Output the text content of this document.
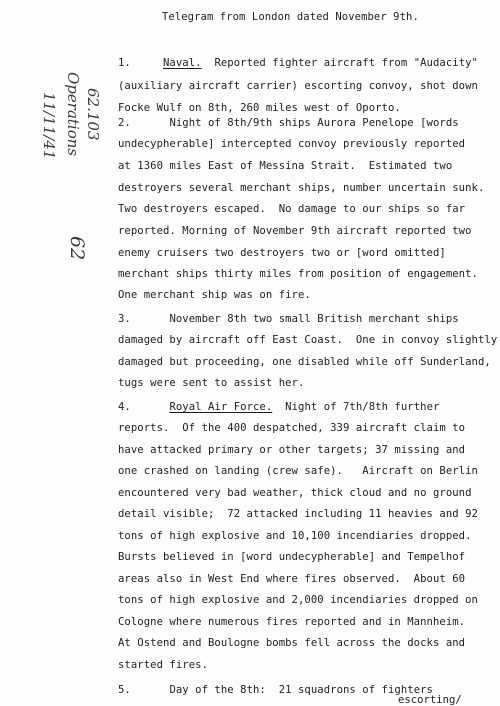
Telegram from London dated November 9th.
62.103
Operations
11/11/41
62
1.	Naval. Reported fighter aircraft from "Audacity"
(auxiliary aircraft carrier) escorting convoy, shot down
Focke Wulf on 8th, 260 miles west of Oporto.
2.	Night of 8th/9th ships Aurora Penelope [words
undecypherable] intercepted convoy previously reported
at 1360 miles East of Messina Strait.  Estimated two
destroyers several merchant ships, number uncertain sunk.
Two destroyers escaped.  No damage to our ships so far
reported. Morning of November 9th aircraft reported two
enemy cruisers two destroyers two or [word omitted]
merchant ships thirty miles from position of engagement.
One merchant ship was on fire.
3.	November 8th two small British merchant ships
damaged by aircraft off East Coast.  One in convoy slightly
damaged but proceeding, one disabled while off Sunderland,
tugs were sent to assist her.
4.	Royal Air Force. Night of 7th/8th further
reports.  Of the 400 despatched, 339 aircraft claim to
have attacked primary or other targets; 37 missing and
one crashed on landing (crew safe).   Aircraft on Berlin
encountered very bad weather, thick cloud and no ground
detail visible;  72 attacked including 11 heavies and 92
tons of high explosive and 10,100 incendiaries dropped.
Bursts believed in [word undecypherable] and Tempelhof
areas also in West End where fires observed.  About 60
tons of high explosive and 2,000 incendiaries dropped on
Cologne where numerous fires reported and in Mannheim.
At Ostend and Boulogne bombs fell across the docks and
started fires.
5.	Day of the 8th:  21 squadrons of fighters
escorting/
